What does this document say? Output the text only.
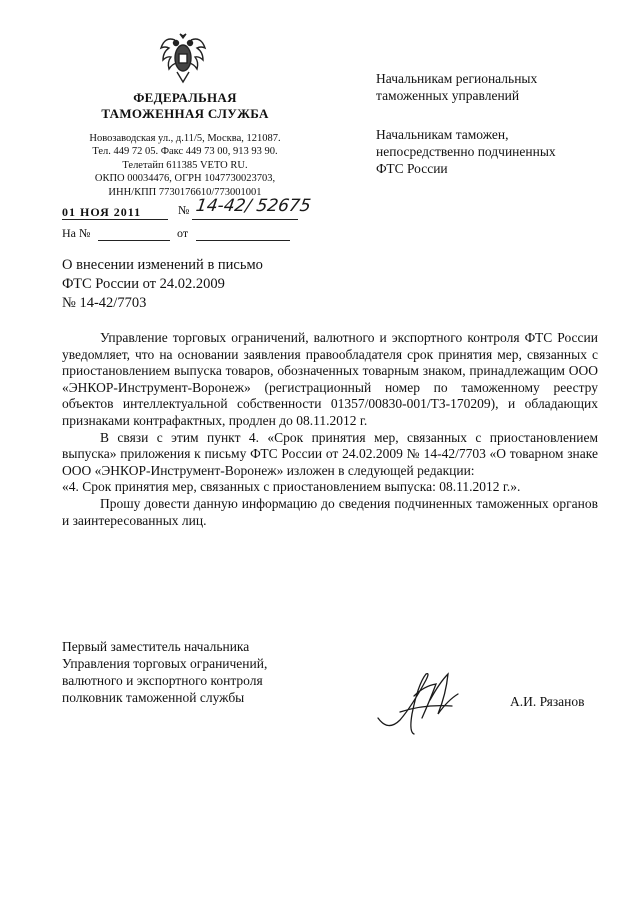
ФЕДЕРАЛЬНАЯ
ТАМОЖЕННАЯ СЛУЖБА
Новозаводская ул., д.11/5, Москва, 121087.
Тел. 449 72 05. Факс 449 73 00, 913 93 90.
Телетайп 611385 VETO RU.
ОКПО 00034476, ОГРН 1047730023703,
ИНН/КПП 7730176610/773001001
Начальникам региональных
таможенных управлений
Начальникам таможен,
непосредственно подчиненных
ФТС России
01 НОЯ 2011	№ 14-42/ 52675
На №	от
О внесении изменений в письмо
ФТС России от 24.02.2009
№ 14-42/7703

Управление торговых ограничений, валютного и экспортного контроля ФТС России уведомляет, что на основании заявления правообладателя срок принятия мер, связанных с приостановлением выпуска товаров, обозначенных товарным знаком, принадлежащим ООО «ЭНКОР-Инструмент-Воронеж» (регистрационный номер по таможенному реестру объектов интеллектуальной собственности 01357/00830-001/ТЗ-170209), и обладающих признаками контрафактных, продлен до 08.11.2012 г.

В связи с этим пункт 4. «Срок принятия мер, связанных с приостановлением выпуска» приложения к письму ФТС России от 24.02.2009 № 14-42/7703 «О товарном знаке ООО «ЭНКОР-Инструмент-Воронеж» изложен в следующей редакции:

«4. Срок принятия мер, связанных с приостановлением выпуска: 08.11.2012 г.».

Прошу довести данную информацию до сведения подчиненных таможенных органов и заинтересованных лиц.

Первый заместитель начальника
Управления торговых ограничений,
валютного и экспортного контроля
полковник таможенной службы	А.И. Рязанов
